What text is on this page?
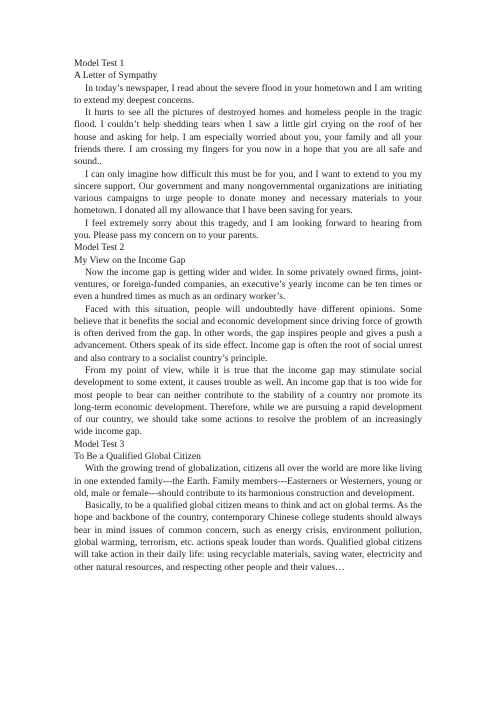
Model Test 1

A Letter of Sympathy

In today’s newspaper, I read about the severe flood in your hometown and I am writing to extend my deepest concerns.

It hurts to see all the pictures of destroyed homes and homeless people in the tragic flood. I couldn’t help shedding tears when I saw a little girl crying on the roof of her house and asking for help. I am especially worried about you, your family and all your friends there. I am crossing my fingers for you now in a hope that you are all safe and sound..

I can only imagine how difficult this must be for you, and I want to extend to you my sincere support. Our government and many nongovernmental organizations are initiating various campaigns to urge people to donate money and necessary materials to your hometown. I donated all my allowance that I have been saving for years.

I feel extremely sorry about this tragedy, and I am looking forward to hearing from you. Please pass my concern on to your parents.

Model Test 2

My View on the Income Gap

Now the income gap is getting wider and wider. In some privately owned firms, joint-ventures, or foreign-funded companies, an executive’s yearly income can be ten times or even a hundred times as much as an ordinary worker’s.

Faced with this situation, people will undoubtedly have different opinions. Some believe that it benefits the social and economic development since driving force of growth is often derived from the gap. In other words, the gap inspires people and gives a push a advancement. Others speak of its side effect. Income gap is often the root of social unrest and also contrary to a socialist country’s principle.

From my point of view, while it is true that the income gap may stimulate social development to some extent, it causes trouble as well. An income gap that is too wide for most people to bear can neither contribute to the stability of a country nor promote its long-term economic development. Therefore, while we are pursuing a rapid development of our country, we should take some actions to resolve the problem of an increasingly wide income gap.

Model Test 3

To Be a Qualified Global Citizen

With the growing trend of globalization, citizens all over the world are more like living in one extended family---the Earth. Family members---Easterners or Westerners, young or old, male or female---should contribute to its harmonious construction and development.

Basically, to be a qualified global citizen means to think and act on global terms. As the hope and backbone of the country, contemporary Chinese college students should always bear in mind issues of common concern, such as energy crisis, environment pollution, global warming, terrorism, etc. actions speak louder than words. Qualified global citizens will take action in their daily life: using recyclable materials, saving water, electricity and other natural resources, and respecting other people and their values…
